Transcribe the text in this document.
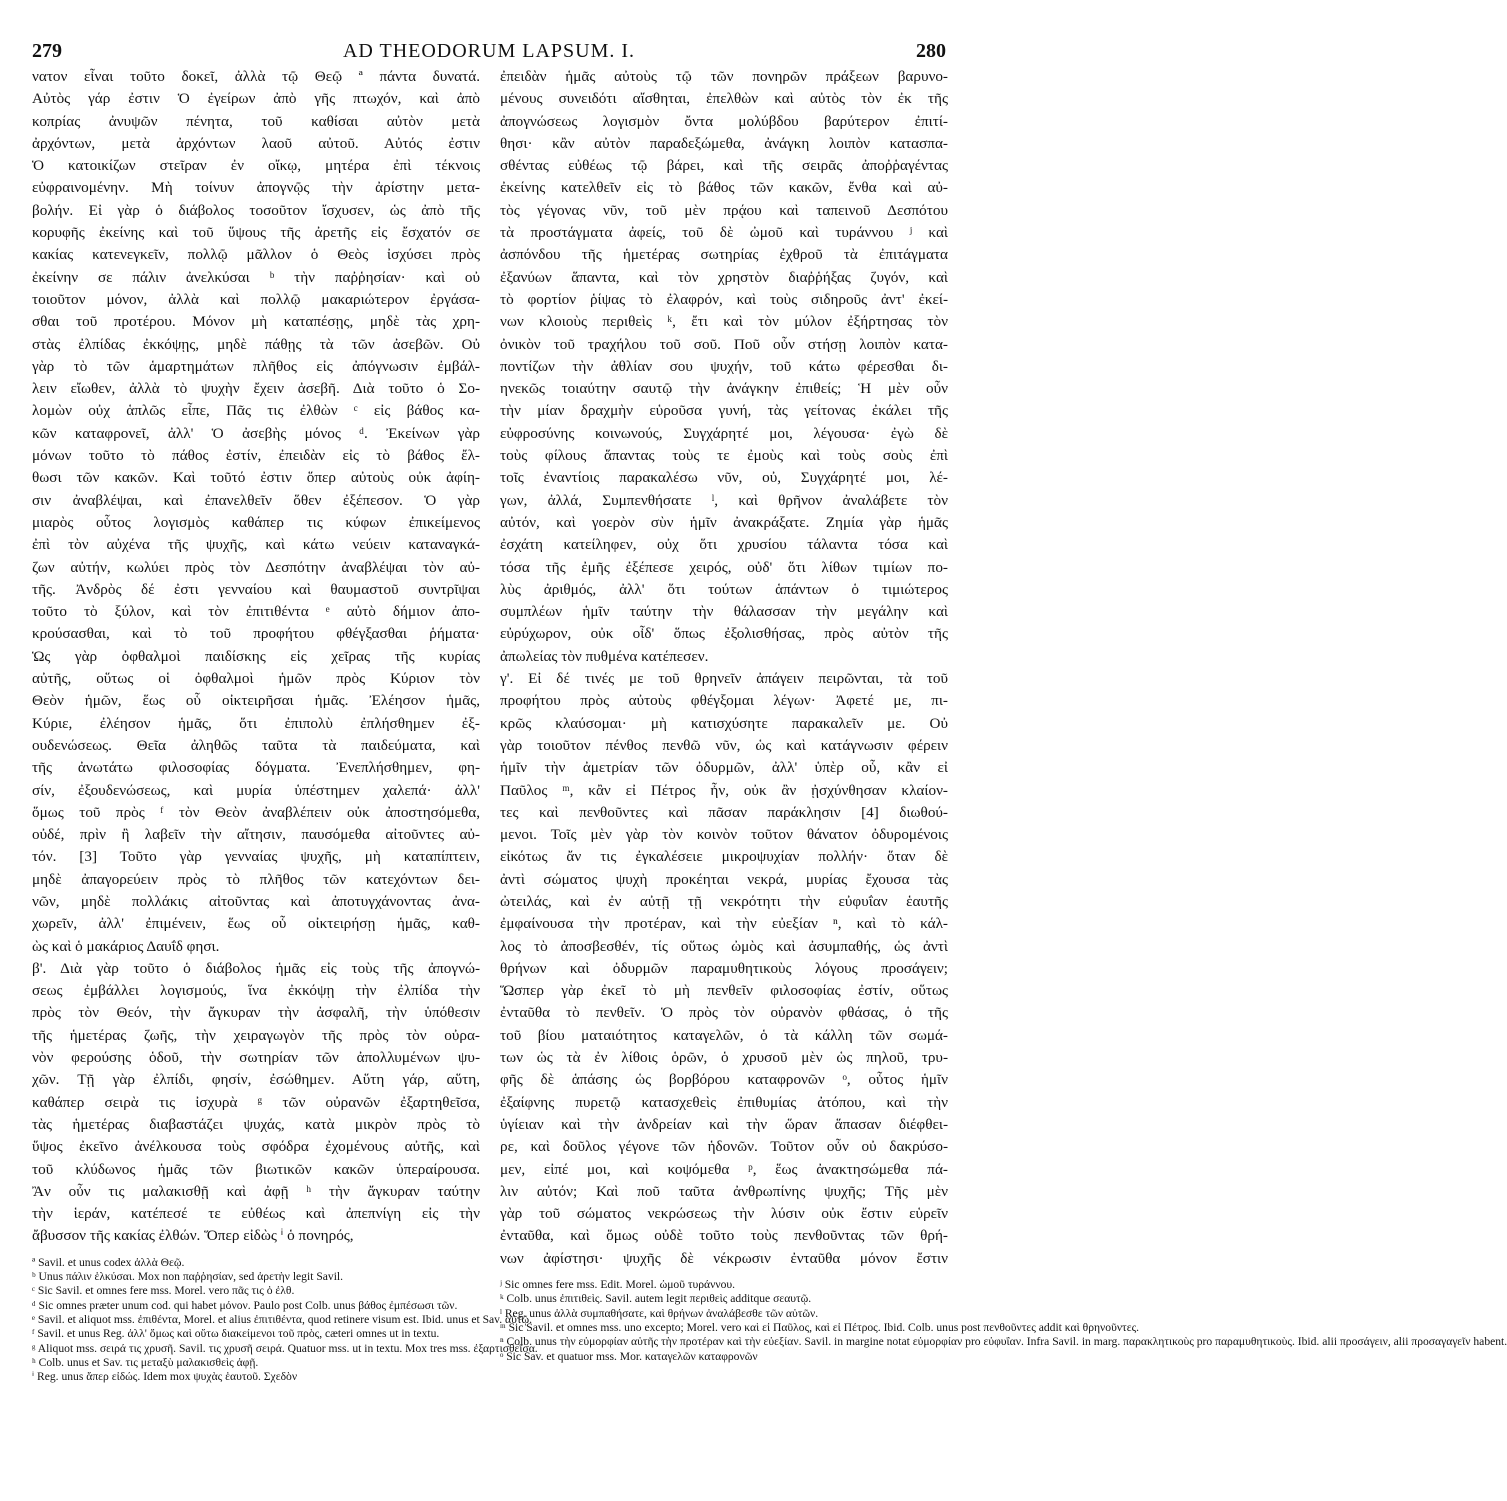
279	AD THEODORUM LAPSUM. I.	280
νατον εἶναι τοῦτο δοκεῖ, ἀλλὰ τῷ Θεῷ ª πάντα δυνατά.
Αὐτὸς γάρ ἐστιν Ὁ ἐγείρων ἀπὸ γῆς πτωχόν, καὶ ἀπὸ
κοπρίας ἀνυψῶν πένητα, τοῦ καθίσαι αὐτὸν μετὰ
ἀρχόντων, μετὰ ἀρχόντων λαοῦ αὐτοῦ. Αὐτός ἐστιν
Ὁ κατοικίζων στεῖραν ἐν οἴκῳ, μητέρα ἐπὶ τέκνοις
εὐφραινομένην. Μὴ τοίνυν ἀπογνῷς τὴν ἀρίστην μετα-
βολήν. Εἰ γὰρ ὁ διάβολος τοσοῦτον ἴσχυσεν, ὡς ἀπὸ τῆς
κορυφῆς ἐκείνης καὶ τοῦ ὕψους τῆς ἀρετῆς εἰς ἔσχατόν σε
κακίας κατενεγκεῖν, πολλῷ μᾶλλον ὁ Θεὸς ἰσχύσει πρὸς
ἐκείνην σε πάλιν ἀνελκύσαι ᵇ τὴν παῤῥησίαν· καὶ οὐ
τοιοῦτον μόνον, ἀλλὰ καὶ πολλῷ μακαριώτερον ἐργάσα-
σθαι τοῦ προτέρου. Μόνον μὴ καταπέσῃς, μηδὲ τὰς χρη-
στὰς ἐλπίδας ἐκκόψῃς, μηδὲ πάθῃς τὰ τῶν ἀσεβῶν. Οὐ
γὰρ τὸ τῶν ἁμαρτημάτων πλῆθος εἰς ἀπόγνωσιν ἐμβάλ-
λειν εἴωθεν, ἀλλὰ τὸ ψυχὴν ἔχειν ἀσεβῆ. Διὰ τοῦτο ὁ Σο-
λομὼν οὐχ ἁπλῶς εἶπε, Πᾶς τις ἐλθὼν ᶜ εἰς βάθος κα-
κῶν καταφρονεῖ, ἀλλ' Ὁ ἀσεβὴς μόνος ᵈ. Ἐκείνων γὰρ
μόνων τοῦτο τὸ πάθος ἐστίν, ἐπειδὰν εἰς τὸ βάθος ἔλ-
θωσι τῶν κακῶν. Καὶ τοῦτό ἐστιν ὅπερ αὐτοὺς οὐκ ἀφίη-
σιν ἀναβλέψαι, καὶ ἐπανελθεῖν ὅθεν ἐξέπεσον. Ὁ γὰρ
μιαρὸς οὗτος λογισμὸς καθάπερ τις κύφων ἐπικείμενος
ἐπὶ τὸν αὐχένα τῆς ψυχῆς, καὶ κάτω νεύειν καταναγκά-
ζων αὐτήν, κωλύει πρὸς τὸν Δεσπότην ἀναβλέψαι τὸν αὐ-
τῆς. Ἀνδρὸς δέ ἐστι γενναίου καὶ θαυμαστοῦ συντρῖψαι
τοῦτο τὸ ξύλον, καὶ τὸν ἐπιτιθέντα ᵉ αὐτὸ δήμιον ἀπο-
κρούσασθαι, καὶ τὸ τοῦ προφήτου φθέγξασθαι ῥήματα·
Ὡς γὰρ ὀφθαλμοὶ παιδίσκης εἰς χεῖρας τῆς κυρίας
αὐτῆς, οὕτως οἱ ὀφθαλμοὶ ἡμῶν πρὸς Κύριον τὸν
Θεὸν ἡμῶν, ἕως οὗ οἰκτειρῆσαι ἡμᾶς. Ἐλέησον ἡμᾶς,
Κύριε, ἐλέησον ἡμᾶς, ὅτι ἐπιπολὺ ἐπλήσθημεν ἐξ-
ουδενώσεως. Θεῖα ἀληθῶς ταῦτα τὰ παιδεύματα, καὶ
τῆς ἀνωτάτω φιλοσοφίας δόγματα. Ἐνεπλήσθημεν, φη-
σίν, ἐξουδενώσεως, καὶ μυρία ὑπέστημεν χαλεπά· ἀλλ'
ὅμως τοῦ πρὸς ᶠ τὸν Θεὸν ἀναβλέπειν οὐκ ἀποστησόμεθα,
οὐδέ, πρὶν ἢ λαβεῖν τὴν αἴτησιν, παυσόμεθα αἰτοῦντες αὐ-
τόν. [3] Τοῦτο γὰρ γενναίας ψυχῆς, μὴ καταπίπτειν,
μηδὲ ἀπαγορεύειν πρὸς τὸ πλῆθος τῶν κατεχόντων δει-
νῶν, μηδὲ πολλάκις αἰτοῦντας καὶ ἀποτυγχάνοντας ἀνα-
χωρεῖν, ἀλλ' ἐπιμένειν, ἕως οὗ οἰκτειρήσῃ ἡμᾶς, καθ-
ὼς καὶ ὁ μακάριος Δαυΐδ φησι.
β'. Διὰ γὰρ τοῦτο ὁ διάβολος ἡμᾶς εἰς τοὺς τῆς ἀπογνώ-
σεως ἐμβάλλει λογισμούς, ἵνα ἐκκόψῃ τὴν ἐλπίδα τὴν
πρὸς τὸν Θεόν, τὴν ἄγκυραν τὴν ἀσφαλῆ, τὴν ὑπόθεσιν
τῆς ἡμετέρας ζωῆς, τὴν χειραγωγὸν τῆς πρὸς τὸν οὐρα-
νὸν φερούσης ὁδοῦ, τὴν σωτηρίαν τῶν ἀπολλυμένων ψυ-
χῶν. Τῇ γὰρ ἐλπίδι, φησίν, ἐσώθημεν. Αὕτη γάρ, αὕτη,
καθάπερ σειρὰ τις ἰσχυρὰ ᵍ τῶν οὐρανῶν ἐξαρτηθεῖσα,
τὰς ἡμετέρας διαβαστάζει ψυχάς, κατὰ μικρὸν πρὸς τὸ
ὕψος ἐκεῖνο ἀνέλκουσα τοὺς σφόδρα ἐχομένους αὐτῆς, καὶ
τοῦ κλύδωνος ἡμᾶς τῶν βιωτικῶν κακῶν ὑπεραίρουσα.
Ἂν οὖν τις μαλακισθῇ καὶ ἀφῇ ʰ τὴν ἄγκυραν ταύτην
τὴν ἱεράν, κατέπεσέ τε εὐθέως καὶ ἀπεπνίγη εἰς τὴν
ἄβυσσον τῆς κακίας ἐλθών. Ὅπερ εἰδὼς ⁱ ὁ πονηρός,
ª Savil. et unus codex ἀλλὰ Θεῷ.
ᵇ Unus πάλιν ἑλκύσαι. Mox non παῤῥησίαν, sed ἀρετὴν legit Savil.
ᶜ Sic Savil. et omnes fere mss. Morel. vero πᾶς τις ὁ ἐλθ.
ᵈ Sic omnes præter unum cod. qui habet μόνον. Paulo post Colb. unus βάθος ἐμπέσωσι τῶν.
ᵉ Savil. et aliquot mss. ἐπιθέντα, Morel. et alius ἐπιτιθέντα, quod retinere visum est. Ibid. unus et Sav. αὐτῷ.
ᶠ Savil. et unus Reg. ἀλλ' ὅμως καὶ οὕτω διακείμενοι τοῦ πρὸς, cæteri omnes ut in textu.
ᵍ Aliquot mss. σειρά τις χρυσῆ. Savil. τις χρυσῆ σειρά. Quatuor mss. ut in textu. Mox tres mss. ἐξαρτισθεῖσα.
ʰ Colb. unus et Sav. τις μεταξὺ μαλακισθεὶς ἀφῇ.
ⁱ Reg. unus ἅπερ εἰδώς. Idem mox ψυχὰς ἑαυτοῦ. Σχεδὸν
ἐπειδὰν ἡμᾶς αὐτοὺς τῷ τῶν πονηρῶν πράξεων βαρυνο-
μένους συνειδότι αἴσθηται, ἐπελθὼν καὶ αὐτὸς τὸν ἐκ τῆς
ἀπογνώσεως λογισμὸν ὄντα μολύβδου βαρύτερον ἐπιτί-
θησι· κἂν αὐτὸν παραδεξώμεθα, ἀνάγκη λοιπὸν κατασπα-
σθέντας εὐθέως τῷ βάρει, καὶ τῆς σειρᾶς ἀποῤῥαγέντας
ἐκείνης κατελθεῖν εἰς τὸ βάθος τῶν κακῶν, ἔνθα καὶ αὐ-
τὸς γέγονας νῦν, τοῦ μὲν πρᾴου καὶ ταπεινοῦ Δεσπότου
τὰ προστάγματα ἀφείς, τοῦ δὲ ὠμοῦ καὶ τυράννου ʲ καὶ
ἀσπόνδου τῆς ἡμετέρας σωτηρίας ἐχθροῦ τὰ ἐπιτάγματα
ἐξανύων ἅπαντα, καὶ τὸν χρηστὸν διαῤῥήξας ζυγόν, καὶ
τὸ φορτίον ῥίψας τὸ ἐλαφρόν, καὶ τοὺς σιδηροῦς ἀντ' ἐκεί-
νων κλοιοὺς περιθεὶς ᵏ, ἔτι καὶ τὸν μύλον ἐξήρτησας τὸν
ὀνικὸν τοῦ τραχήλου τοῦ σοῦ. Ποῦ οὖν στήσῃ λοιπὸν κατα-
ποντίζων τὴν ἀθλίαν σου ψυχήν, τοῦ κάτω φέρεσθαι δι-
ηνεκῶς τοιαύτην σαυτῷ τὴν ἀνάγκην ἐπιθείς; Ἡ μὲν οὖν
τὴν μίαν δραχμὴν εὑροῦσα γυνή, τὰς γείτονας ἐκάλει τῆς
εὐφροσύνης κοινωνούς, Συγχάρητέ μοι, λέγουσα· ἐγὼ δὲ
τοὺς φίλους ἅπαντας τοὺς τε ἐμοὺς καὶ τοὺς σοὺς ἐπὶ
τοῖς ἐναντίοις παρακαλέσω νῦν, οὐ, Συγχάρητέ μοι, λέ-
γων, ἀλλά, Συμπενθήσατε ˡ, καὶ θρῆνον ἀναλάβετε τὸν
αὐτόν, καὶ γοερὸν σὺν ἡμῖν ἀνακράξατε. Ζημία γὰρ ἡμᾶς
ἐσχάτη κατείληφεν, οὐχ ὅτι χρυσίου τάλαντα τόσα καὶ
τόσα τῆς ἐμῆς ἐξέπεσε χειρός, οὐδ' ὅτι λίθων τιμίων πο-
λὺς ἀριθμός, ἀλλ' ὅτι τούτων ἁπάντων ὁ τιμιώτερος
συμπλέων ἡμῖν ταύτην τὴν θάλασσαν τὴν μεγάλην καὶ
εὐρύχωρον, οὐκ οἶδ' ὅπως ἐξολισθήσας, πρὸς αὐτὸν τῆς
ἀπωλείας τὸν πυθμένα κατέπεσεν.
γ'. Εἰ δέ τινές με τοῦ θρηνεῖν ἀπάγειν πειρῶνται, τὰ τοῦ
προφήτου πρὸς αὐτοὺς φθέγξομαι λέγων· Ἀφετέ με, πι-
κρῶς κλαύσομαι· μὴ κατισχύσητε παρακαλεῖν με. Οὐ
γὰρ τοιοῦτον πένθος πενθῶ νῦν, ὡς καὶ κατάγνωσιν φέρειν
ἡμῖν τὴν ἀμετρίαν τῶν ὀδυρμῶν, ἀλλ' ὑπὲρ οὗ, κἂν εἰ
Παῦλος ᵐ, κἂν εἰ Πέτρος ἦν, οὐκ ἂν ᾐσχύνθησαν κλαίον-
τες καὶ πενθοῦντες καὶ πᾶσαν παράκλησιν [4] διωθού-
μενοι. Τοῖς μὲν γὰρ τὸν κοινὸν τοῦτον θάνατον ὀδυρομένοις
εἰκότως ἄν τις ἐγκαλέσειε μικροψυχίαν πολλήν· ὅταν δὲ
ἀντὶ σώματος ψυχὴ προκέηται νεκρά, μυρίας ἔχουσα τὰς
ὠτειλάς, καὶ ἐν αὐτῇ τῇ νεκρότητι τὴν εὐφυΐαν ἑαυτῆς
ἐμφαίνουσα τὴν προτέραν, καὶ τὴν εὐεξίαν ⁿ, καὶ τὸ κάλ-
λος τὸ ἀποσβεσθέν, τίς οὕτως ὠμὸς καὶ ἀσυμπαθής, ὡς ἀντὶ
θρήνων καὶ ὀδυρμῶν παραμυθητικοὺς λόγους προσάγειν;
Ὥσπερ γὰρ ἐκεῖ τὸ μὴ πενθεῖν φιλοσοφίας ἐστίν, οὕτως
ἐνταῦθα τὸ πενθεῖν. Ὁ πρὸς τὸν οὐρανὸν φθάσας, ὁ τῆς
τοῦ βίου ματαιότητος καταγελῶν, ὁ τὰ κάλλη τῶν σωμά-
των ὡς τὰ ἐν λίθοις ὁρῶν, ὁ χρυσοῦ μὲν ὡς πηλοῦ, τρυ-
φῆς δὲ ἁπάσης ὡς βορβόρου καταφρονῶν ᵒ, οὗτος ἡμῖν
ἐξαίφνης πυρετῷ κατασχεθεὶς ἐπιθυμίας ἀτόπου, καὶ τὴν
ὑγίειαν καὶ τὴν ἀνδρείαν καὶ τὴν ὥραν ἅπασαν διέφθει-
ρε, καὶ δοῦλος γέγονε τῶν ἡδονῶν. Τοῦτον οὖν οὐ δακρύσο-
μεν, εἰπέ μοι, καὶ κοψόμεθα ᵖ, ἕως ἀνακτησώμεθα πά-
λιν αὐτόν; Καὶ ποῦ ταῦτα ἀνθρωπίνης ψυχῆς; Τῆς μὲν
γὰρ τοῦ σώματος νεκρώσεως τὴν λύσιν οὐκ ἔστιν εὑρεῖν
ἐνταῦθα, καὶ ὅμως οὐδὲ τοῦτο τοὺς πενθοῦντας τῶν θρή-
νων ἀφίστησι· ψυχῆς δὲ νέκρωσιν ἐνταῦθα μόνον ἔστιν
ʲ Sic omnes fere mss. Edit. Morel. ὠμοῦ τυράννου.
ᵏ Colb. unus ἐπιτιθεὶς. Savil. autem legit περιθεὶς additque σεαυτῷ.
ˡ Reg. unus ἀλλὰ συμπαθήσατε, καὶ θρήνων ἀναλάβεσθε τῶν αὐτῶν.
ᵐ Sic Savil. et omnes mss. uno excepto; Morel. vero καὶ εἰ Παῦλος, καὶ εἰ Πέτρος. Ibid. Colb. unus post πενθοῦντες addit καὶ θρηνοῦντες.
ⁿ Colb. unus τὴν εὐμορφίαν αὐτῆς τὴν προτέραν καὶ τὴν εὐεξίαν. Savil. in margine notat εὐμορφίαν pro εὐφυΐαν. Infra Savil. in marg. παρακλητικοὺς pro παραμυθητικοὺς. Ibid. alii προσάγειν, alii προσαγαγεῖν habent.
ᵒ Sic Sav. et quatuor mss. Mor. καταγελῶν καταφρονῶν
